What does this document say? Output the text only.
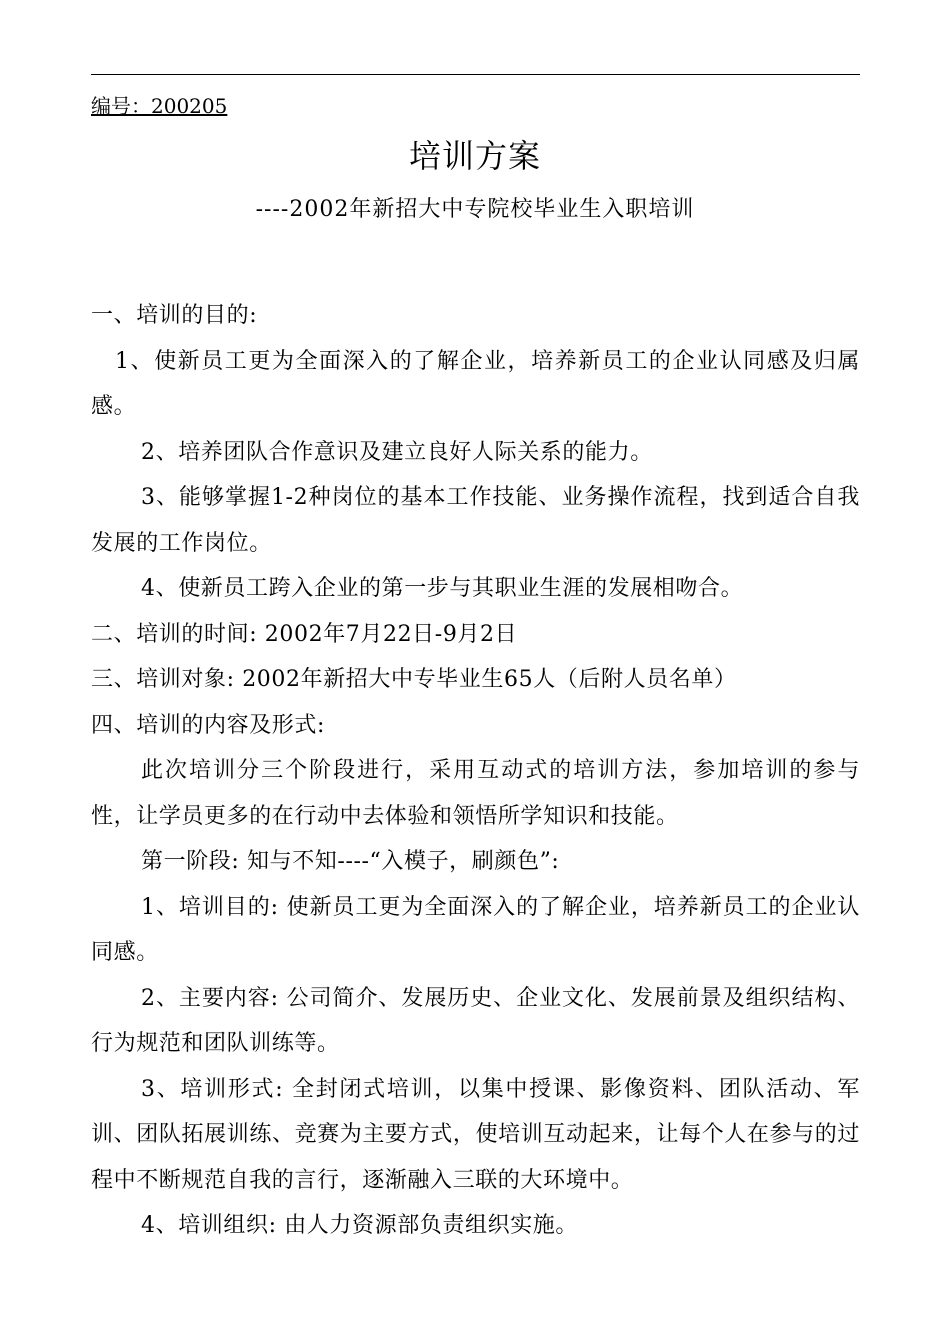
编号：200205
培训方案
----2002年新招大中专院校毕业生入职培训

一、培训的目的:

1、使新员工更为全面深入的了解企业，培养新员工的企业认同感及归属感。

2、培养团队合作意识及建立良好人际关系的能力。

3、能够掌握1-2种岗位的基本工作技能、业务操作流程，找到适合自我发展的工作岗位。

4、使新员工跨入企业的第一步与其职业生涯的发展相吻合。

二、培训的时间: 2002年7月22日-9月2日

三、培训对象: 2002年新招大中专毕业生65人（后附人员名单）

四、培训的内容及形式:

此次培训分三个阶段进行，采用互动式的培训方法，参加培训的参与性，让学员更多的在行动中去体验和领悟所学知识和技能。

第一阶段: 知与不知----“入模子，刷颜色”:

1、培训目的: 使新员工更为全面深入的了解企业，培养新员工的企业认同感。

2、主要内容: 公司简介、发展历史、企业文化、发展前景及组织结构、行为规范和团队训练等。

3、培训形式: 全封闭式培训，以集中授课、影像资料、团队活动、军训、团队拓展训练、竞赛为主要方式，使培训互动起来，让每个人在参与的过程中不断规范自我的言行，逐渐融入三联的大环境中。

4、培训组织: 由人力资源部负责组织实施。
